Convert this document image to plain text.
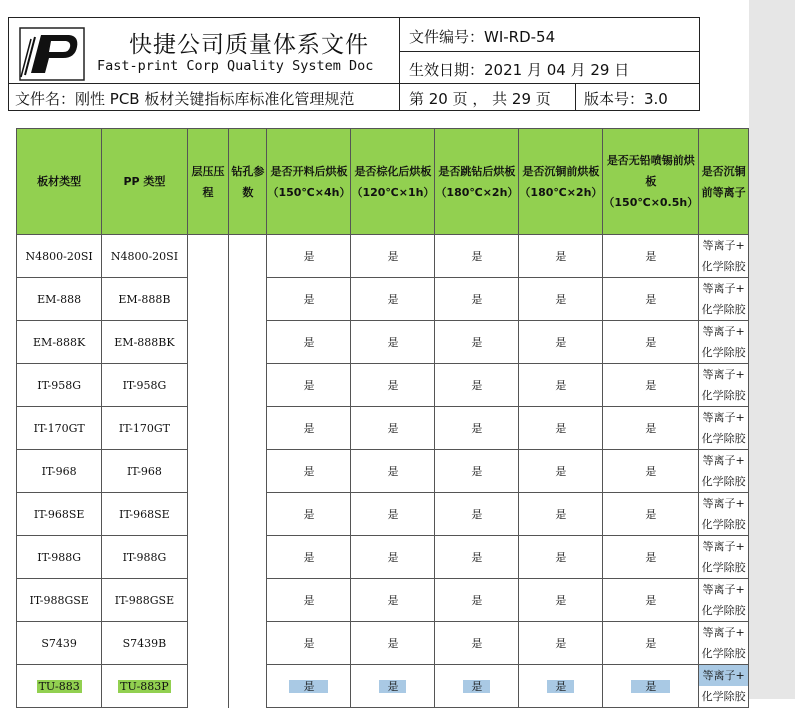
快捷公司质量体系文件
Fast-print Corp Quality System Doc
文件编号：WI-RD-54
生效日期：2021 月 04 月 29 日
文件名：刚性 PCB 板材关键指标库标准化管理规范	第 20 页 ， 共 29 页 版本号：3.0
板材类型	PP 类型	层压压程	钻孔参数	是否开料后烘板（150℃×4h）	是否棕化后烘板（120℃×1h）	是否跳钻后烘板（180℃×2h）	是否沉铜前烘板（180℃×2h）	是否无铅喷锡前烘板（150℃×0.5h）	是否沉铜前等离子
N4800-20SI	N4800-20SI			是	是	是	是	是	等离子+
化学除胶

EM-888	EM-888B			是	是	是	是	是	等离子+
化学除胶

EM-888K	EM-888BK			是	是	是	是	是	等离子+
化学除胶

IT-958G	IT-958G			是	是	是	是	是	等离子+
化学除胶

IT-170GT	IT-170GT			是	是	是	是	是	等离子+
化学除胶

IT-968	IT-968			是	是	是	是	是	等离子+
化学除胶

IT-968SE	IT-968SE			是	是	是	是	是	等离子+
化学除胶

IT-988G	IT-988G			是	是	是	是	是	等离子+
化学除胶

IT-988GSE	IT-988GSE			是	是	是	是	是	等离子+
化学除胶

S7439	S7439B			是	是	是	是	是	等离子+
化学除胶

TU-883	TU-883P			是	是	是	是	是	等离子+
化学除胶
